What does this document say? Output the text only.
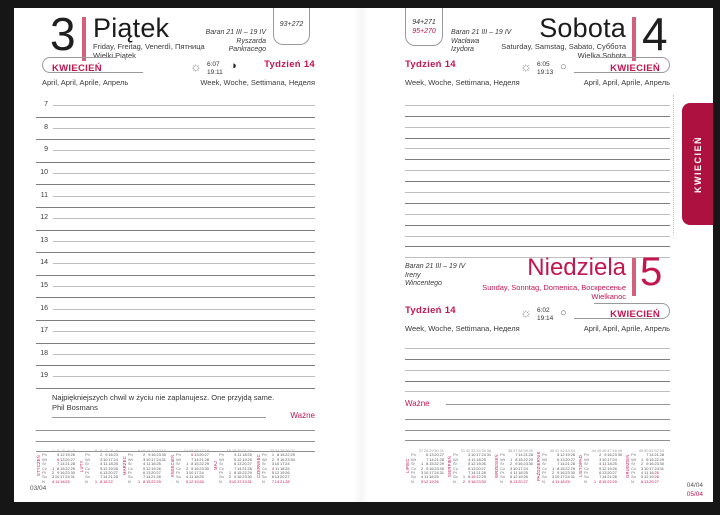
3 Piątek
Friday, Freitag, Venerdì, Пятница
Wielki Piątek
Baran 21 III – 19 IV
Ryszarda
Pankracego
93+272
KWIECIEŃ
April, April, Aprile, Апрель
☼ 6:07
19:11 ◑	Tydzień 14
Week, Woche, Settimana, Неделя
7
8
9
10
11
12
13
14
15
16
17
18
19
Najpiękniejszych chwil w życiu nie zaplanujesz. One przyjdą same.
Phil Bosmans
Ważne
STYCZEŃ
1 2 3 4 5
Pn	5 12 19 26
Wt	6 13 20 27
Śr	7 14 21 28
Cz	1 8 15 22 29
Pt	2 9 16 23 30
So	3 10 17 24 31
N	4 11 18 25
LUTY
5 6 7 8 9
Pn	2 9 16 23
Wt	3 10 17 24
Śr	4 11 18 25
Cz	5 12 19 26
Pt	6 13 20 27
So	7 14 21 28
N	1 8 15 22
MARZEC
9 10 11 12 13 14
Pn	2 9 16 23 30
Wt	3 10 17 24 31
Śr	4 11 18 25
Cz	5 12 19 26
Pt	6 13 20 27
So	7 14 21 28
N	1 8 15 22 29
KWIECIEŃ
14 15 16 17 18
Pn	6 13 20 27
Wt	7 14 21 28
Śr	1 8 15 22 29
Cz	2 9 16 23 30
Pt	3 10 17 24
So	4 11 18 25
N	5 12 19 26
MAJ
18 19 20 21 22
Pn	4 11 18 25
Wt	5 12 19 26
Śr	6 13 20 27
Cz	7 14 21 28
Pt	1 8 15 22 29
So	2 9 16 23 30
N	3 10 17 24 31
CZERWIEC
23 24 25 26 27
Pn	1 8 15 22 29
Wt	2 9 16 23 30
Śr	3 10 17 24
Cz	4 11 18 25
Pt	5 12 19 26
So	6 13 20 27
N	7 14 21 28
03/04
94+271
95+270	Baran 21 III – 19 IV
Wacława
Izydora
Sobota
Saturday, Samstag, Sabato, Суббота
Wielka Sobota 4
Tydzień 14
Week, Woche, Settimana, Неделя
☼ 6:05
19:13 ○	KWIECIEŃ
April, April, Aprile, Апрель
Baran 21 III – 19 IV
Ireny
Wincentego
Niedziela
Sunday, Sonntag, Domenica, Воскресенье
Wielkanoc
5
Tydzień 14
Week, Woche, Settimana, Неделя
☼ 6:02
19:14 ○	KWIECIEŃ
April, April, Aprile, Апрель
Ważne
LIPIEC
27 28 29 30 31
Pn	6 13 20 27
Wt	7 14 21 28
Śr	1 8 15 22 29
Cz	2 9 16 23 30
Pt	3 10 17 24 31
So	4 11 18 25
N	5 12 19 26
SIERPIEŃ
31 32 33 34 35 36
Pn	3 10 17 24 31
Wt	4 11 18 25
Śr	5 12 19 26
Cz	6 13 20 27
Pt	7 14 21 28
So	1 8 15 22 29
N	2 9 16 23 30
WRZESIEŃ
36 37 38 39 40
Pn	7 14 21 28
Wt	1 8 15 22 29
Śr	2 9 16 23 30
Cz	3 10 17 24
Pt	4 11 18 25
So	5 12 19 26
N	6 13 20 27
PAŹDZIERNIK
40 41 42 43 44
Pn	5 12 19 26
Wt	6 13 20 27
Śr	7 14 21 28
Cz	1 8 15 22 29
Pt	2 9 16 23 30
So	3 10 17 24 31
N	4 11 18 25
LISTOPAD
44 45 46 47 48 49
Pn	2 9 16 23 30
Wt	3 10 17 24
Śr	4 11 18 25
Cz	5 12 19 26
Pt	6 13 20 27
So	7 14 21 28
N	1 8 15 22 29
GRUDZIEŃ
49 50 51 52 53
Pn	7 14 21 28
Wt	1 8 15 22 29
Śr	2 9 16 23 30
Cz	3 10 17 24 31
Pt	4 11 18 25
So	5 12 19 26
N	6 13 20 27
04/04
05/04
KWIECIEŃ
